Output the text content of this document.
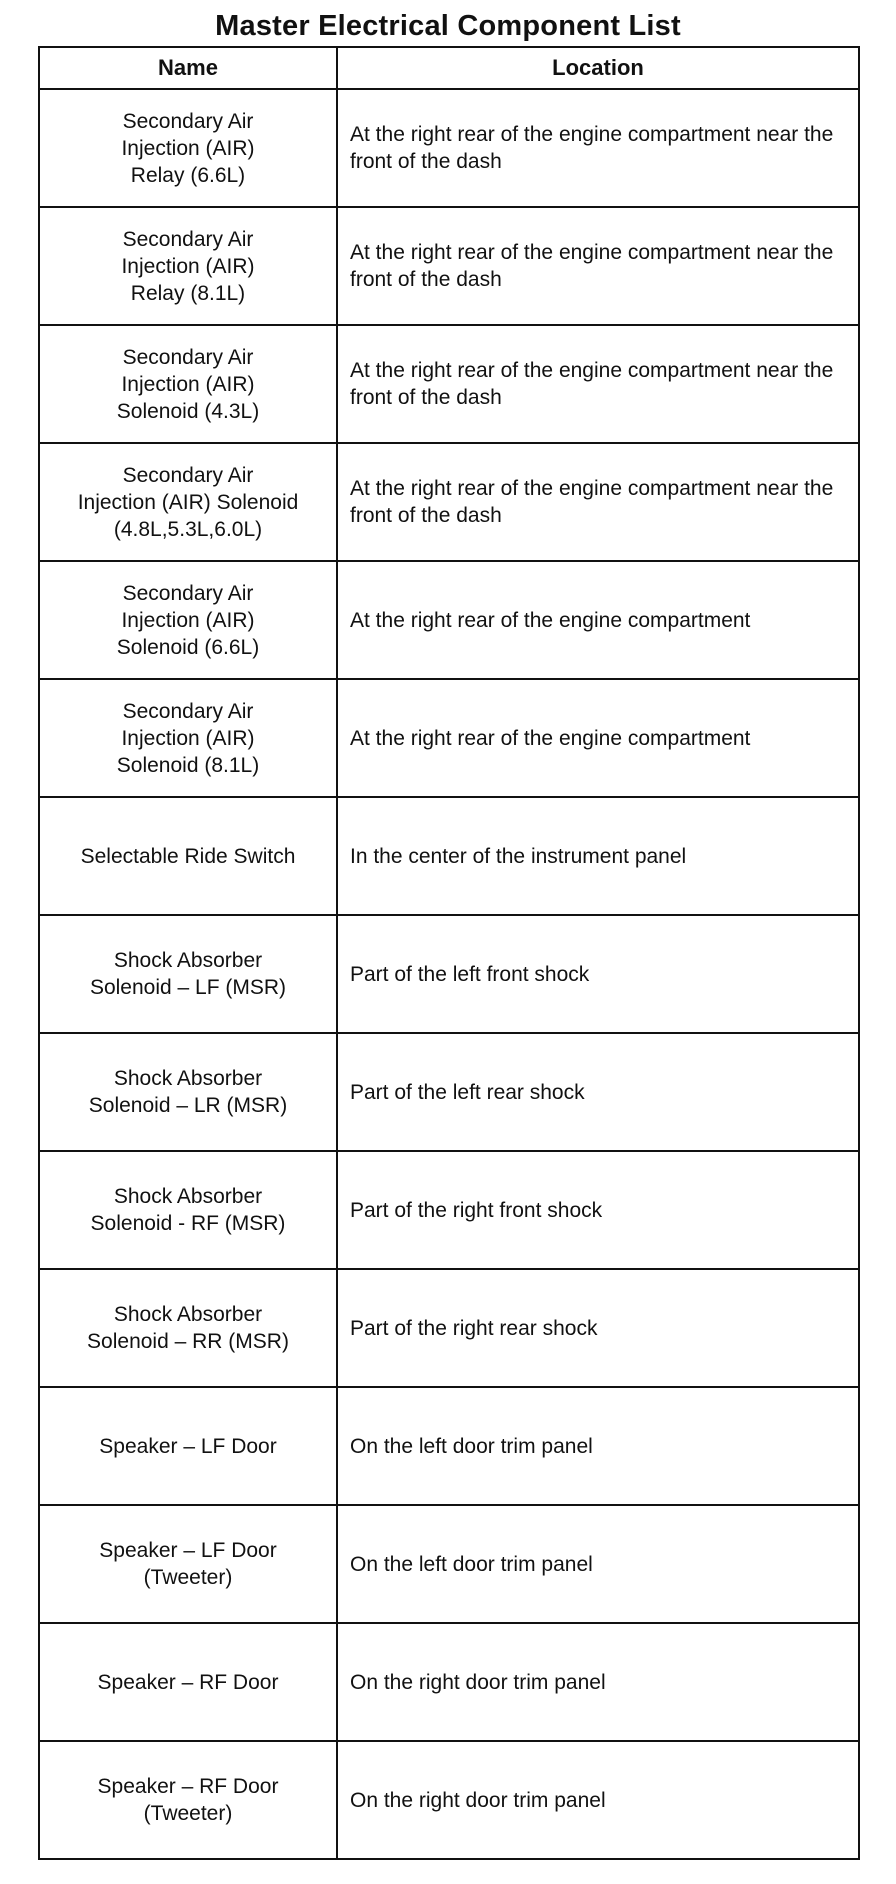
Master Electrical Component List
Name	Location
Secondary Air
Injection (AIR)
Relay (6.6L)	At the right rear of the engine compartment near the front of the dash
Secondary Air
Injection (AIR)
Relay (8.1L)	At the right rear of the engine compartment near the front of the dash
Secondary Air
Injection (AIR)
Solenoid (4.3L)	At the right rear of the engine compartment near the front of the dash
Secondary Air
Injection (AIR) Solenoid
(4.8L,5.3L,6.0L)	At the right rear of the engine compartment near the front of the dash
Secondary Air
Injection (AIR)
Solenoid (6.6L)	At the right rear of the engine compartment
Secondary Air
Injection (AIR)
Solenoid (8.1L)	At the right rear of the engine compartment
Selectable Ride Switch	In the center of the instrument panel
Shock Absorber
Solenoid – LF (MSR)	Part of the left front shock
Shock Absorber
Solenoid – LR (MSR)	Part of the left rear shock
Shock Absorber
Solenoid - RF (MSR)	Part of the right front shock
Shock Absorber
Solenoid – RR (MSR)	Part of the right rear shock
Speaker – LF Door	On the left door trim panel
Speaker – LF Door
(Tweeter)	On the left door trim panel
Speaker – RF Door	On the right door trim panel
Speaker – RF Door
(Tweeter)	On the right door trim panel
